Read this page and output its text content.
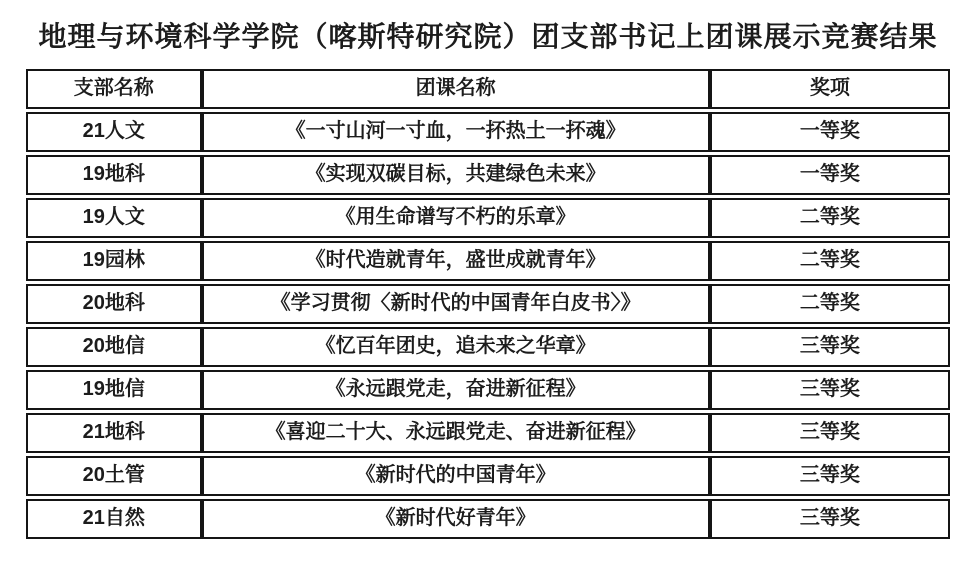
地理与环境科学学院（喀斯特研究院）团支部书记上团课展示竞赛结果
支部名称	团课名称	奖项
21人文	《一寸山河一寸血，一抔热土一抔魂》	一等奖
19地科	《实现双碳目标，共建绿色未来》	一等奖
19人文	《用生命谱写不朽的乐章》	二等奖
19园林	《时代造就青年，盛世成就青年》	二等奖
20地科	《学习贯彻〈新时代的中国青年白皮书〉》	二等奖
20地信	《忆百年团史，追未来之华章》	三等奖
19地信	《永远跟党走，奋进新征程》	三等奖
21地科	《喜迎二十大、永远跟党走、奋进新征程》	三等奖
20土管	《新时代的中国青年》	三等奖
21自然	《新时代好青年》	三等奖
